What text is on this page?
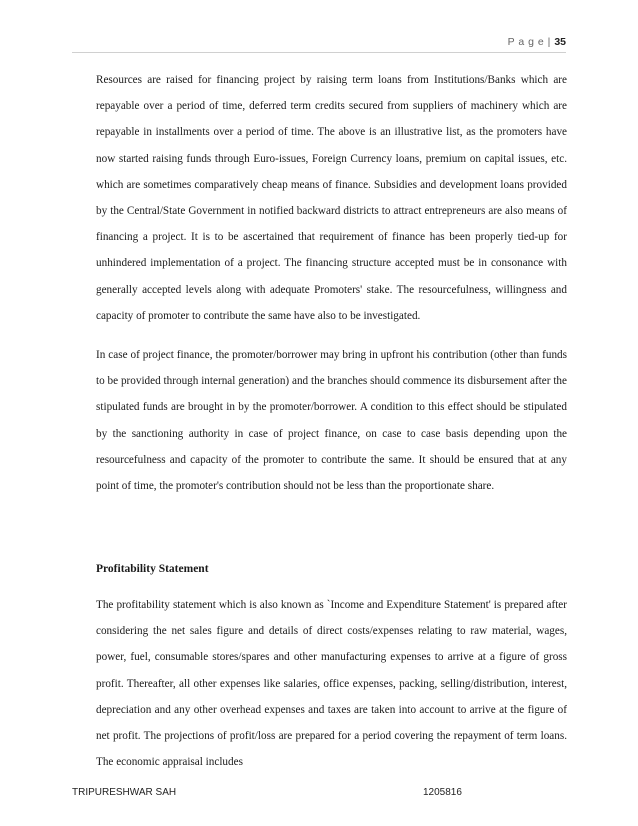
P a g e | 35

Resources are raised for financing project by raising term loans from Institutions/Banks which are repayable over a period of time, deferred term credits secured from suppliers of machinery which are repayable in installments over a period of time. The above is an illustrative list, as the promoters have now started raising funds through Euro-issues, Foreign Currency loans, premium on capital issues, etc. which are sometimes comparatively cheap means of finance. Subsidies and development loans provided by the Central/State Government in notified backward districts to attract entrepreneurs are also means of financing a project. It is to be ascertained that requirement of finance has been properly tied-up for unhindered implementation of a project. The financing structure accepted must be in consonance with generally accepted levels along with adequate Promoters' stake. The resourcefulness, willingness and capacity of promoter to contribute the same have also to be investigated.

In case of project finance, the promoter/borrower may bring in upfront his contribution (other than funds to be provided through internal generation) and the branches should commence its disbursement after the stipulated funds are brought in by the promoter/borrower. A condition to this effect should be stipulated by the sanctioning authority in case of project finance, on case to case basis depending upon the resourcefulness and capacity of the promoter to contribute the same. It should be ensured that at any point of time, the promoter's contribution should not be less than the proportionate share.

Profitability Statement

The profitability statement which is also known as `Income and Expenditure Statement' is prepared after considering the net sales figure and details of direct costs/expenses relating to raw material, wages, power, fuel, consumable stores/spares and other manufacturing expenses to arrive at a figure of gross profit. Thereafter, all other expenses like salaries, office expenses, packing, selling/distribution, interest, depreciation and any other overhead expenses and taxes are taken into account to arrive at the figure of net profit. The projections of profit/loss are prepared for a period covering the repayment of term loans. The economic appraisal includes

TRIPURESHWAR SAH	1205816
